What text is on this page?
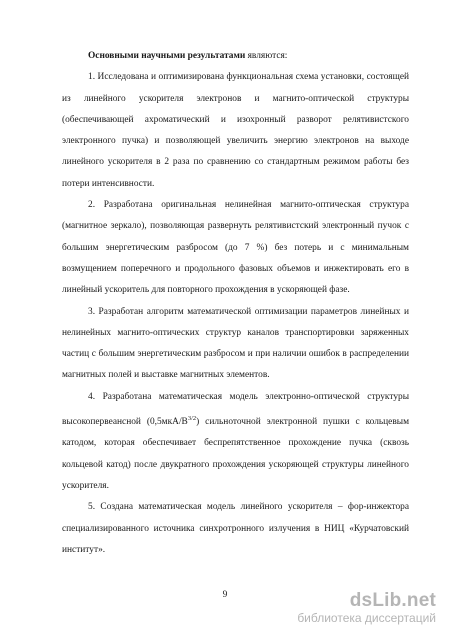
Основными научными результатами являются:

1. Исследована и оптимизирована функциональная схема установки, состоящей из линейного ускорителя электронов и магнито-оптической структуры (обеспечивающей ахроматический и изохронный разворот релятивистского электронного пучка) и позволяющей увеличить энергию электронов на выходе линейного ускорителя в 2 раза по сравнению со стандартным режимом работы без потери интенсивности.

2. Разработана оригинальная нелинейная магнито-оптическая структура (магнитное зеркало), позволяющая развернуть релятивистский электронный пучок с большим энергетическим разбросом (до 7 %) без потерь и с минимальным возмущением поперечного и продольного фазовых объемов и инжектировать его в линейный ускоритель для повторного прохождения в ускоряющей фазе.

3. Разработан алгоритм математической оптимизации параметров линейных и нелинейных магнито-оптических структур каналов транспортировки заряженных частиц с большим энергетическим разбросом и при наличии ошибок в распределении магнитных полей и выставке магнитных элементов.

4. Разработана математическая модель электронно-оптической структуры высокопервеансной $(0,5мкА/В^{3/2})$ сильноточной электронной пушки с кольцевым катодом, которая обеспечивает беспрепятственное прохождение пучка (сквозь кольцевой катод) после двукратного прохождения ускоряющей структуры линейного ускорителя.

5. Создана математическая модель линейного ускорителя – фор-инжектора специализированного источника синхротронного излучения в НИЦ «Курчатовский институт».

9	dsLib.net
библиотека диссертаций
